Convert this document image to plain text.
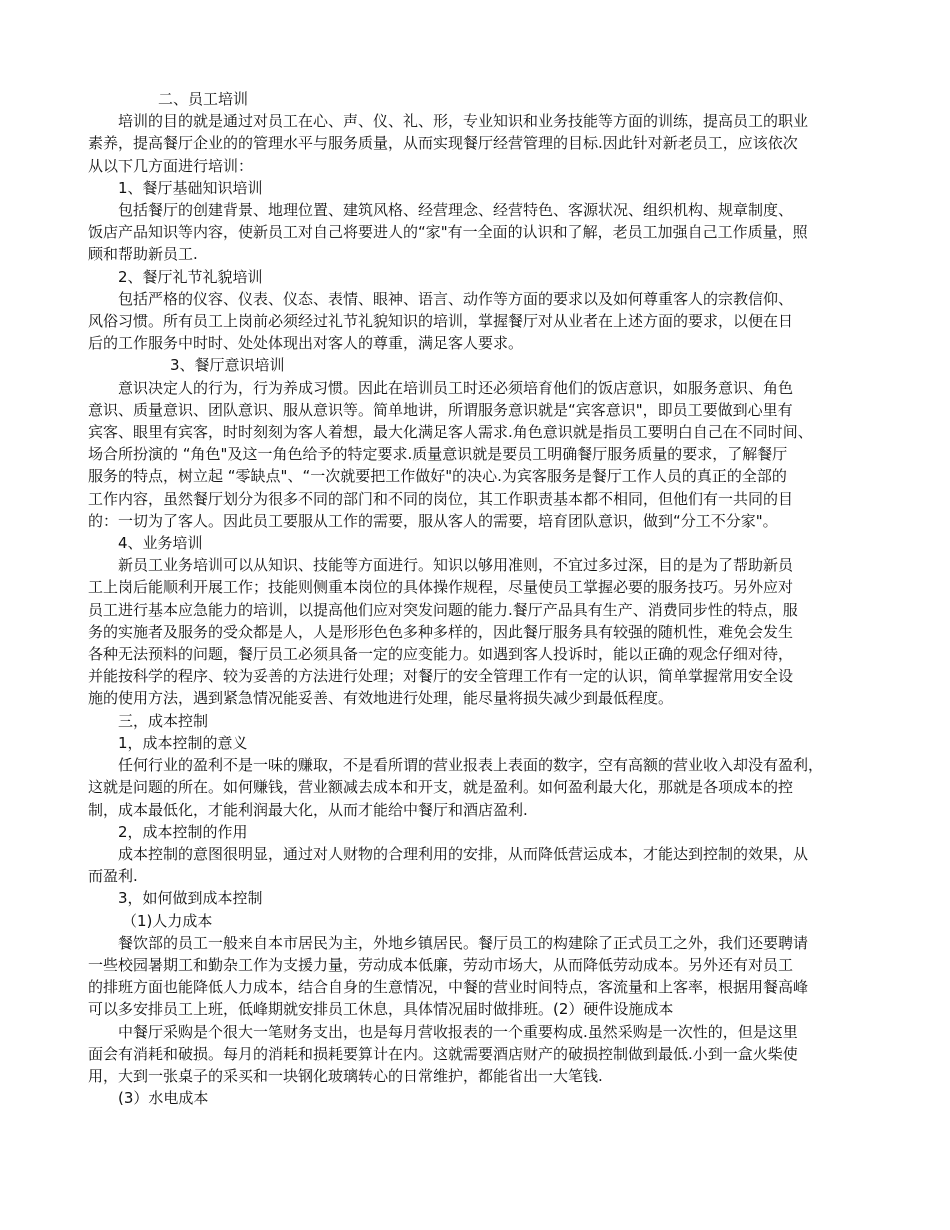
二、员工培训

培训的目的就是通过对员工在心、声、仪、礼、形，专业知识和业务技能等方面的训练，提高员工的职业

素养，提高餐厅企业的的管理水平与服务质量，从而实现餐厅经营管理的目标.因此针对新老员工，应该依次

从以下几方面进行培训：

1、餐厅基础知识培训

包括餐厅的创建背景、地理位置、建筑风格、经营理念、经营特色、客源状况、组织机构、规章制度、

饭店产品知识等内容，使新员工对自己将要进人的“家"有一全面的认识和了解，老员工加强自己工作质量，照

顾和帮助新员工.

2、餐厅礼节礼貌培训

包括严格的仪容、仪表、仪态、表情、眼神、语言、动作等方面的要求以及如何尊重客人的宗教信仰、

风俗习惯。所有员工上岗前必须经过礼节礼貌知识的培训，掌握餐厅对从业者在上述方面的要求，以便在日

后的工作服务中时时、处处体现出对客人的尊重，满足客人要求。

3、餐厅意识培训

意识决定人的行为，行为养成习惯。因此在培训员工时还必须培育他们的饭店意识，如服务意识、角色

意识、质量意识、团队意识、服从意识等。简单地讲，所谓服务意识就是“宾客意识"，即员工要做到心里有

宾客、眼里有宾客，时时刻刻为客人着想，最大化满足客人需求.角色意识就是指员工要明白自己在不同时间、

场合所扮演的 “角色"及这一角色给予的特定要求.质量意识就是要员工明确餐厅服务质量的要求，了解餐厅

服务的特点，树立起 “零缺点"、“一次就要把工作做好"的决心.为宾客服务是餐厅工作人员的真正的全部的

工作内容，虽然餐厅划分为很多不同的部门和不同的岗位，其工作职责基本都不相同，但他们有一共同的目

的：一切为了客人。因此员工要服从工作的需要，服从客人的需要，培育团队意识，做到“分工不分家"。

4、业务培训

新员工业务培训可以从知识、技能等方面进行。知识以够用准则，不宜过多过深，目的是为了帮助新员

工上岗后能顺利开展工作；技能则侧重本岗位的具体操作规程，尽量使员工掌握必要的服务技巧。另外应对

员工进行基本应急能力的培训，以提高他们应对突发问题的能力.餐厅产品具有生产、消费同步性的特点，服

务的实施者及服务的受众都是人，人是形形色色多种多样的，因此餐厅服务具有较强的随机性，难免会发生

各种无法预料的问题，餐厅员工必须具备一定的应变能力。如遇到客人投诉时，能以正确的观念仔细对待，

并能按科学的程序、较为妥善的方法进行处理；对餐厅的安全管理工作有一定的认识，简单掌握常用安全设

施的使用方法，遇到紧急情况能妥善、有效地进行处理，能尽量将损失减少到最低程度。

三，成本控制

1，成本控制的意义

任何行业的盈利不是一味的赚取，不是看所谓的营业报表上表面的数字，空有高额的营业收入却没有盈利，

这就是问题的所在。如何赚钱，营业额减去成本和开支，就是盈利。如何盈利最大化，那就是各项成本的控

制，成本最低化，才能利润最大化，从而才能给中餐厅和酒店盈利.

2，成本控制的作用

成本控制的意图很明显，通过对人财物的合理利用的安排，从而降低营运成本，才能达到控制的效果，从

而盈利.

3，如何做到成本控制

（1)人力成本

餐饮部的员工一般来自本市居民为主，外地乡镇居民。餐厅员工的构建除了正式员工之外，我们还要聘请

一些校园暑期工和勤杂工作为支援力量，劳动成本低廉，劳动市场大，从而降低劳动成本。另外还有对员工

的排班方面也能降低人力成本，结合自身的生意情况，中餐的营业时间特点，客流量和上客率，根据用餐高峰

可以多安排员工上班，低峰期就安排员工休息，具体情况届时做排班。(2）硬件设施成本

中餐厅采购是个很大一笔财务支出，也是每月营收报表的一个重要构成.虽然采购是一次性的，但是这里

面会有消耗和破损。每月的消耗和损耗要算计在内。这就需要酒店财产的破损控制做到最低.小到一盒火柴使

用，大到一张桌子的采买和一块钢化玻璃转心的日常维护，都能省出一大笔钱.

(3）水电成本
